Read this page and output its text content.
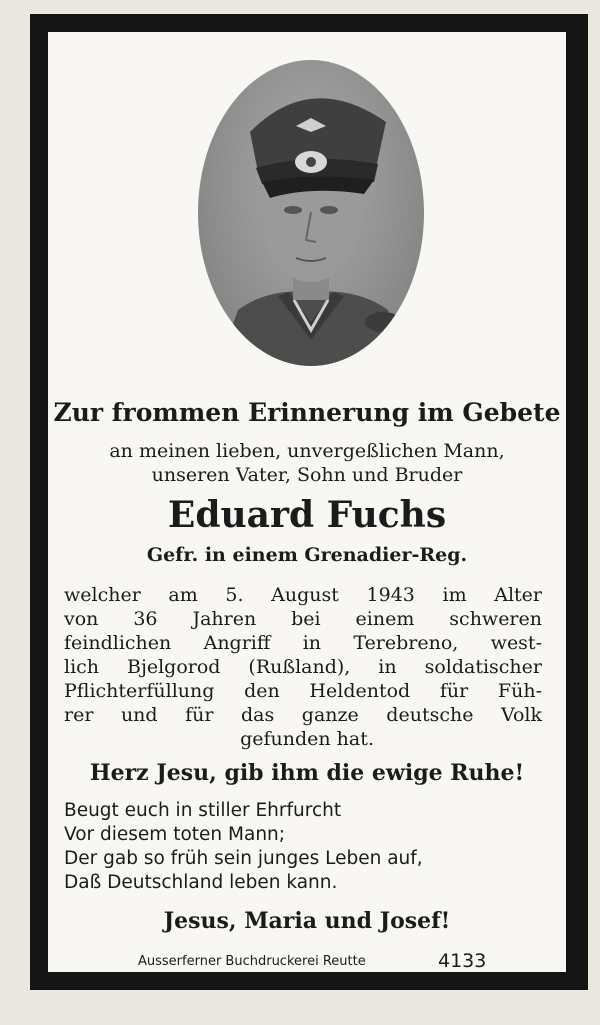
Zur frommen Erinnerung im Gebete
an meinen lieben, unvergeßlichen Mann,
unseren Vater, Sohn und Bruder
Eduard Fuchs
Gefr. in einem Grenadier-Reg.
welcher am 5. August 1943 im Alter
von 36 Jahren bei einem schweren
feindlichen Angriff in Terebreno, west-
lich Bjelgorod (Rußland), in soldatischer
Pflichterfüllung den Heldentod für Füh-
rer und für das ganze deutsche Volk
gefunden hat.
Herz Jesu, gib ihm die ewige Ruhe!
Beugt euch in stiller Ehrfurcht
Vor diesem toten Mann;
Der gab so früh sein junges Leben auf,
Daß Deutschland leben kann.
Jesus, Maria und Josef!
Ausserferner Buchdruckerei Reutte	4133
